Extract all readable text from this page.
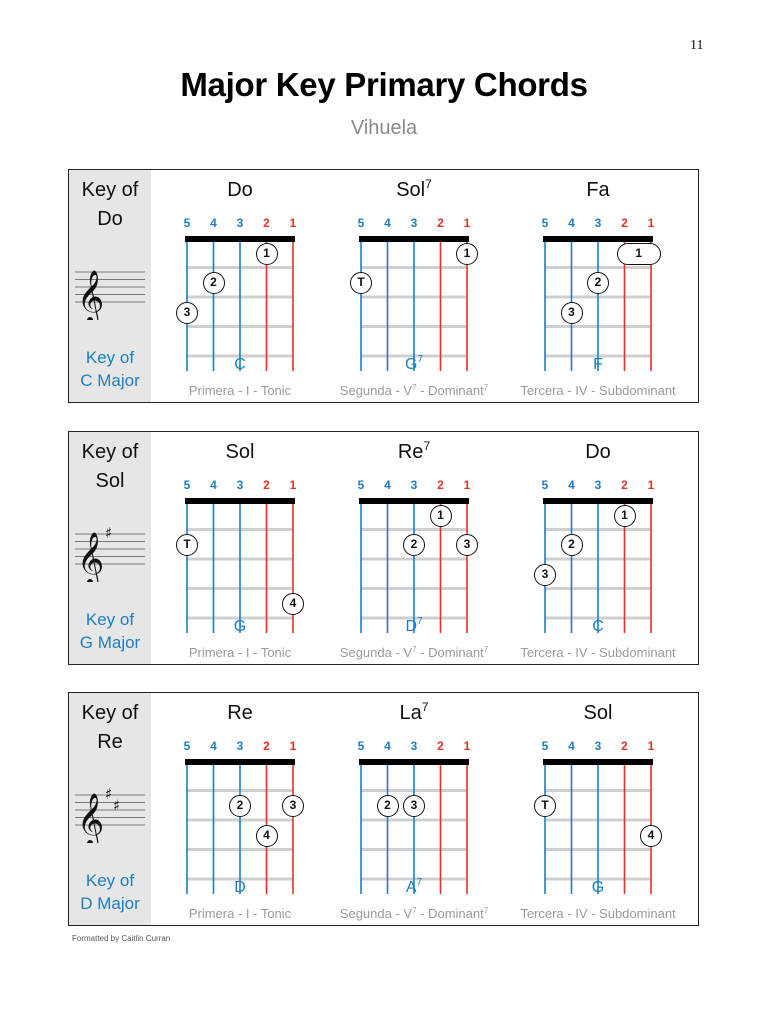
11
Major Key Primary Chords
Vihuela
Key of
Do
𝄞
Key of
C Major
Do
5 4 3 2 1
1
2
3
C
Primera - I - Tonic
Sol$^7$
5 4 3 2 1
1
T
$G^7$
Segunda - $V^7$ - Dominant$^7$
Fa
5 4 3 2 1
1
2
3
F
Tercera - IV - Subdominant
Key of
Sol
𝄞 ♯
Key of
G Major
Sol
5 4 3 2 1
T
4
G
Primera - I - Tonic
Re$^7$
5 4 3 2 1
1
2	3
$D^7$
Segunda - $V^7$ - Dominant$^7$
Do
5 4 3 2 1
1
2
3
C
Tercera - IV - Subdominant
Key of
Re
𝄞 ♯
♯
Key of
D Major
Re
5 4 3 2 1
2	3
4
D
Primera - I - Tonic
La$^7$
5 4 3 2 1
2	3
$A^7$
Segunda - $V^7$ - Dominant$^7$
Sol
5 4 3 2 1
T
4
G
Tercera - IV - Subdominant
Formatted by Caitlin Curran
